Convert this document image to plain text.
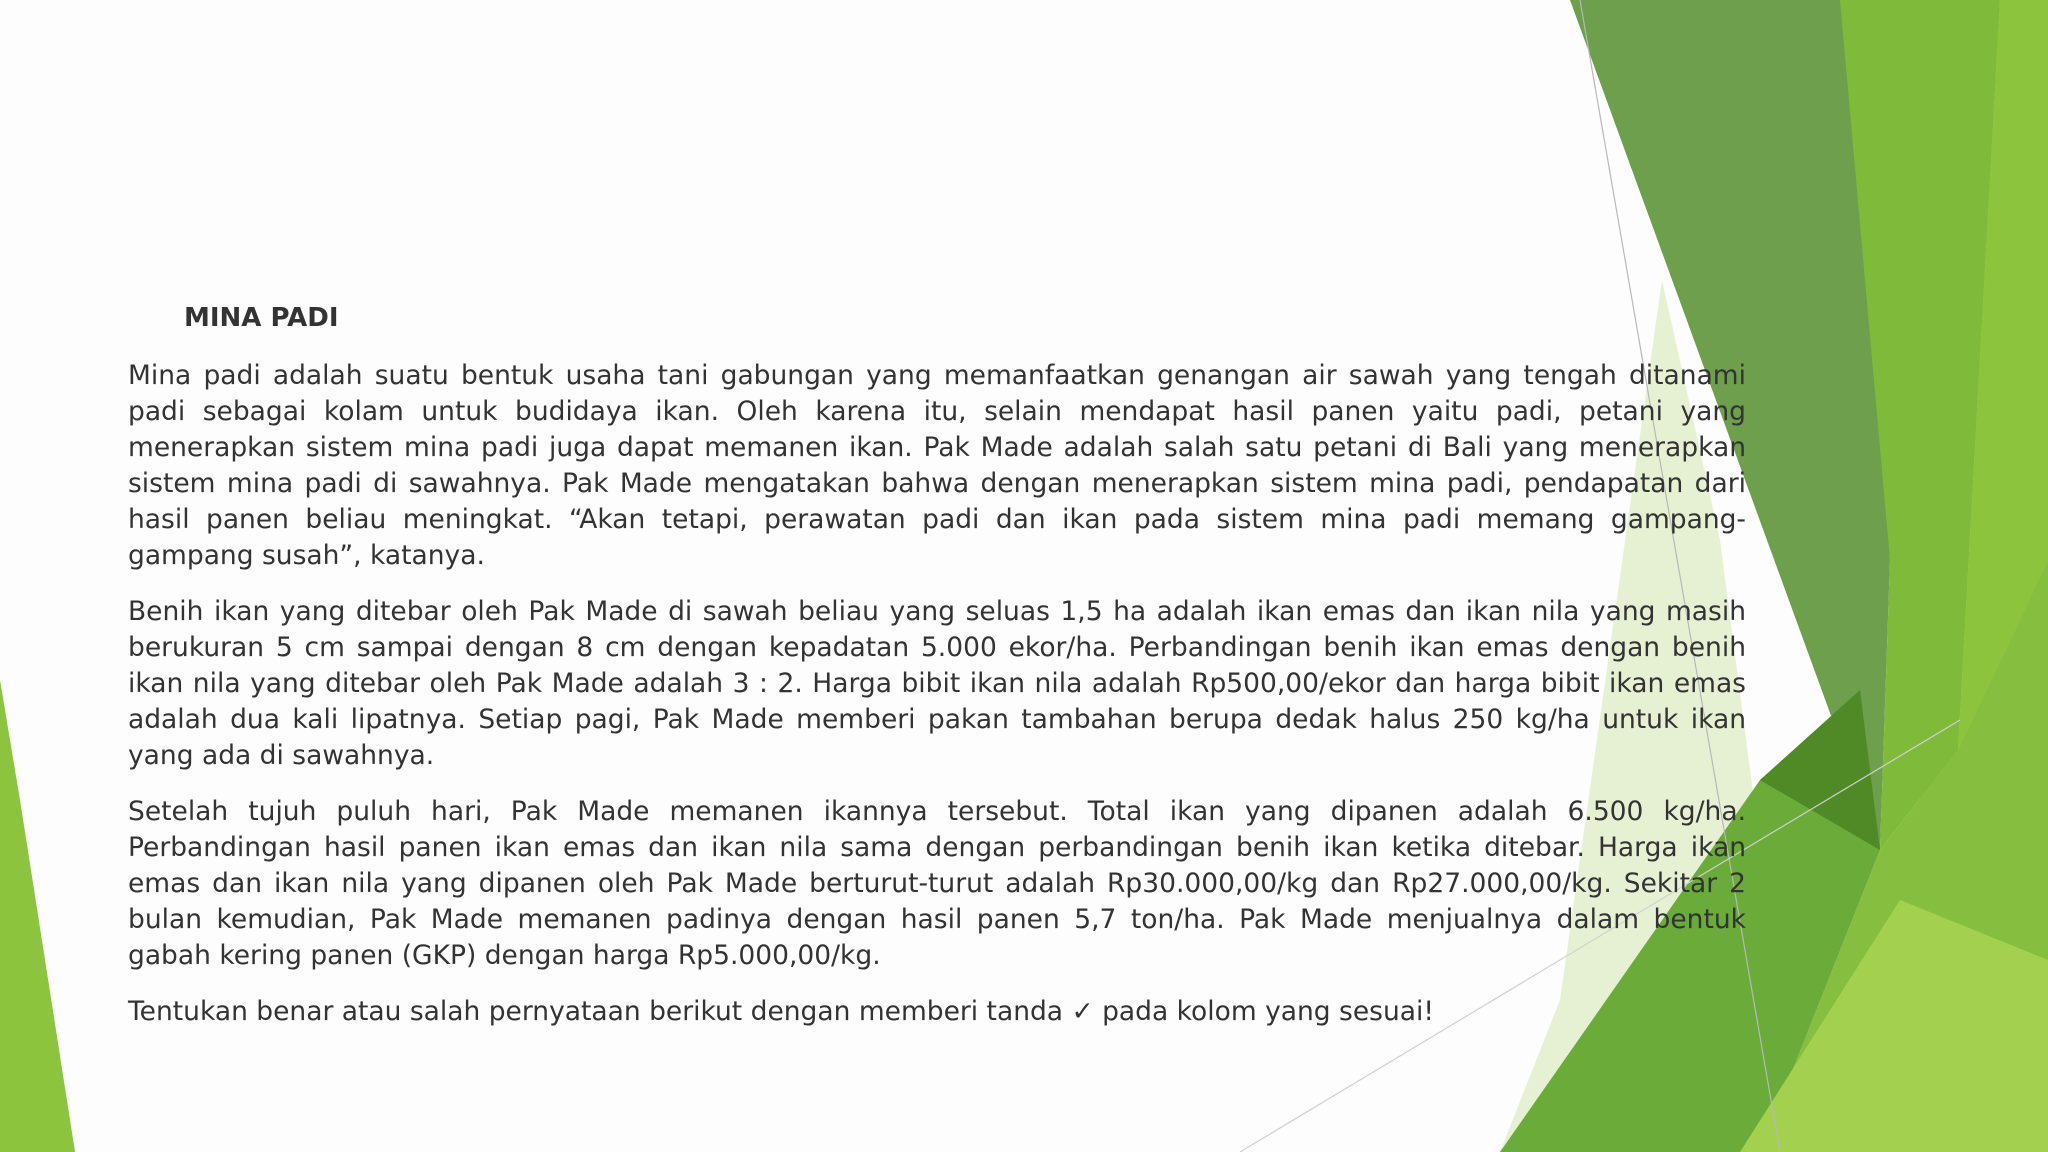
MINA PADI

Mina padi adalah suatu bentuk usaha tani gabungan yang memanfaatkan genangan air sawah yang tengah ditanami padi sebagai kolam untuk budidaya ikan. Oleh karena itu, selain mendapat hasil panen yaitu padi, petani yang menerapkan sistem mina padi juga dapat memanen ikan. Pak Made adalah salah satu petani di Bali yang menerapkan sistem mina padi di sawahnya. Pak Made mengatakan bahwa dengan menerapkan sistem mina padi, pendapatan dari hasil panen beliau meningkat. “Akan tetapi, perawatan padi dan ikan pada sistem mina padi memang gampang-gampang susah”, katanya.

Benih ikan yang ditebar oleh Pak Made di sawah beliau yang seluas 1,5 ha adalah ikan emas dan ikan nila yang masih berukuran 5 cm sampai dengan 8 cm dengan kepadatan 5.000 ekor/ha. Perbandingan benih ikan emas dengan benih ikan nila yang ditebar oleh Pak Made adalah 3 : 2. Harga bibit ikan nila adalah Rp500,00/ekor dan harga bibit ikan emas adalah dua kali lipatnya. Setiap pagi, Pak Made memberi pakan tambahan berupa dedak halus 250 kg/ha untuk ikan yang ada di sawahnya.

Setelah tujuh puluh hari, Pak Made memanen ikannya tersebut. Total ikan yang dipanen adalah 6.500 kg/ha. Perbandingan hasil panen ikan emas dan ikan nila sama dengan perbandingan benih ikan ketika ditebar. Harga ikan emas dan ikan nila yang dipanen oleh Pak Made berturut-turut adalah Rp30.000,00/kg dan Rp27.000,00/kg. Sekitar 2 bulan kemudian, Pak Made memanen padinya dengan hasil panen 5,7 ton/ha. Pak Made menjualnya dalam bentuk gabah kering panen (GKP) dengan harga Rp5.000,00/kg.

Tentukan benar atau salah pernyataan berikut dengan memberi tanda ✓ pada kolom yang sesuai!
